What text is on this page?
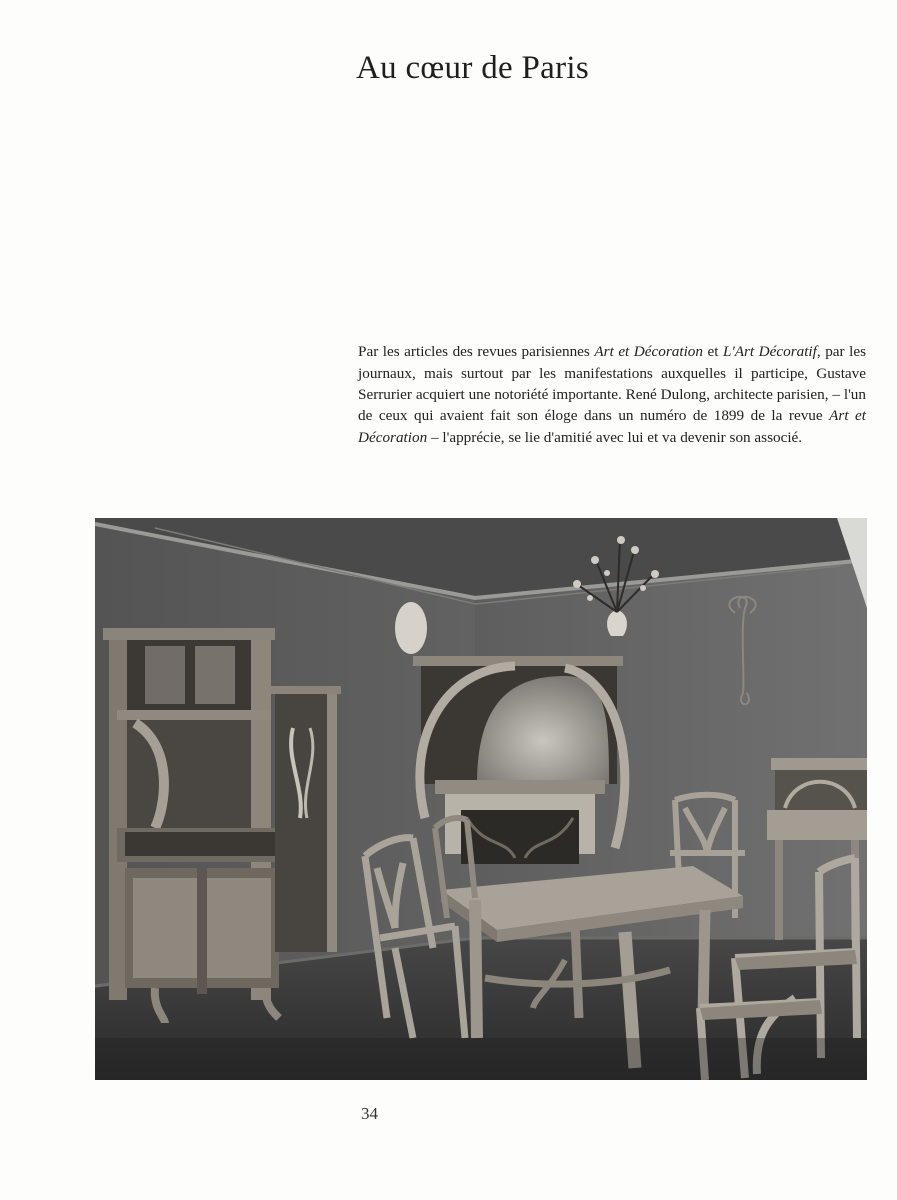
Au cœur de Paris

Par les articles des revues parisiennes Art et Décoration et L'Art Décoratif, par les journaux, mais surtout par les manifestations auxquelles il participe, Gustave Serrurier acquiert une notoriété importante. René Dulong, architecte parisien, – l'un de ceux qui avaient fait son éloge dans un numéro de 1899 de la revue Art et Décoration – l'apprécie, se lie d'amitié avec lui et va devenir son associé.

34
